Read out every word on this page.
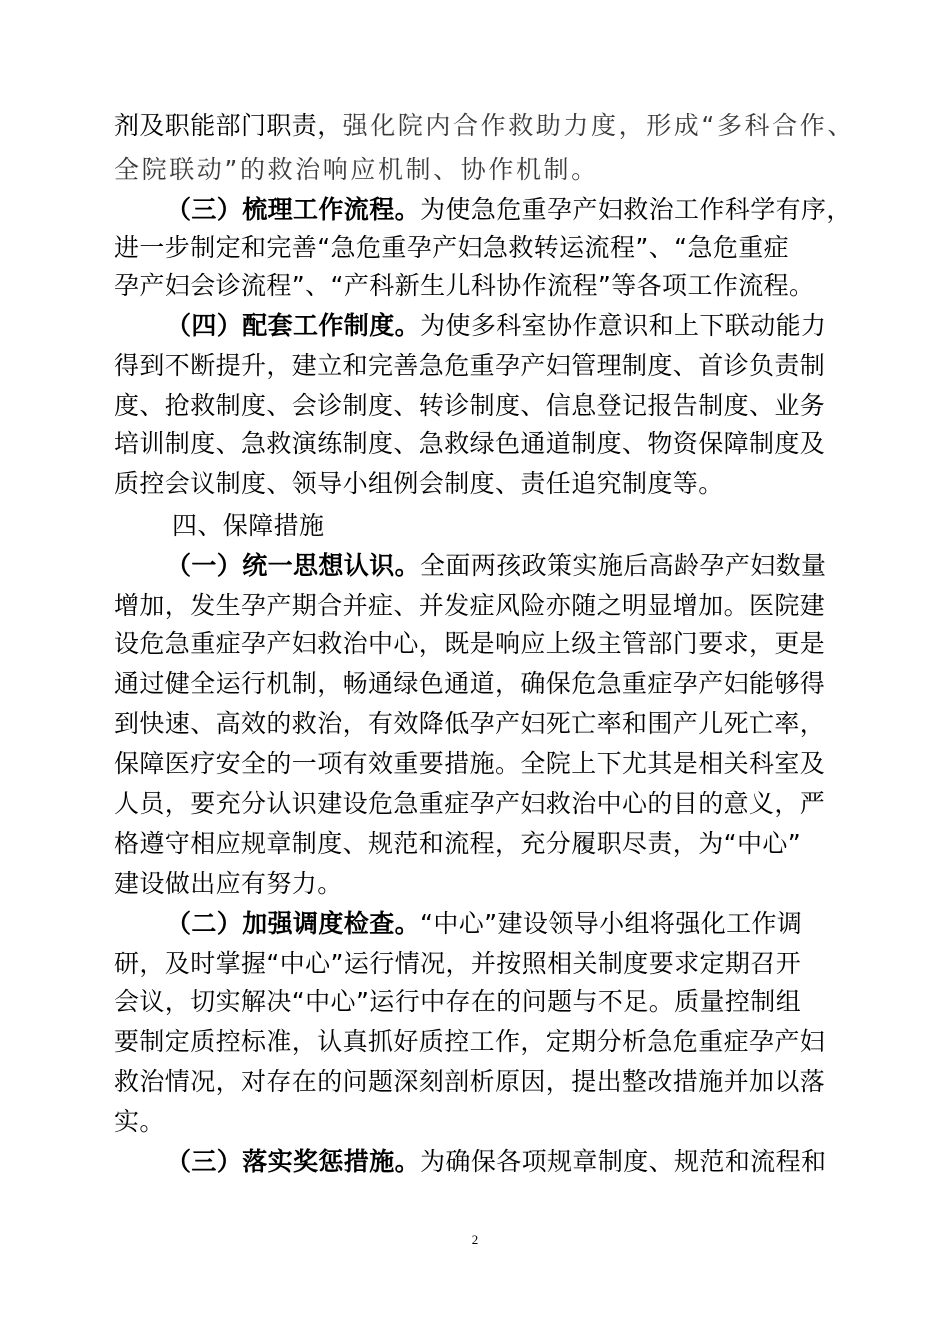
剂及职能部门职责，强化院内合作救助力度，形成“多科合作、

全院联动”的救治响应机制、协作机制。

（三）梳理工作流程。为使急危重孕产妇救治工作科学有序，

进一步制定和完善“急危重孕产妇急救转运流程”、“急危重症

孕产妇会诊流程”、“产科新生儿科协作流程”等各项工作流程。

（四）配套工作制度。为使多科室协作意识和上下联动能力

得到不断提升，建立和完善急危重孕产妇管理制度、首诊负责制

度、抢救制度、会诊制度、转诊制度、信息登记报告制度、业务

培训制度、急救演练制度、急救绿色通道制度、物资保障制度及

质控会议制度、领导小组例会制度、责任追究制度等。

四、保障措施

（一）统一思想认识。全面两孩政策实施后高龄孕产妇数量

增加，发生孕产期合并症、并发症风险亦随之明显增加。医院建

设危急重症孕产妇救治中心，既是响应上级主管部门要求，更是

通过健全运行机制，畅通绿色通道，确保危急重症孕产妇能够得

到快速、高效的救治，有效降低孕产妇死亡率和围产儿死亡率，

保障医疗安全的一项有效重要措施。全院上下尤其是相关科室及

人员，要充分认识建设危急重症孕产妇救治中心的目的意义，严

格遵守相应规章制度、规范和流程，充分履职尽责，为“中心”

建设做出应有努力。

（二）加强调度检查。“中心”建设领导小组将强化工作调

研，及时掌握“中心”运行情况，并按照相关制度要求定期召开

会议，切实解决“中心”运行中存在的问题与不足。质量控制组

要制定质控标准，认真抓好质控工作，定期分析急危重症孕产妇

救治情况，对存在的问题深刻剖析原因，提出整改措施并加以落

实。

（三）落实奖惩措施。为确保各项规章制度、规范和流程和

2
